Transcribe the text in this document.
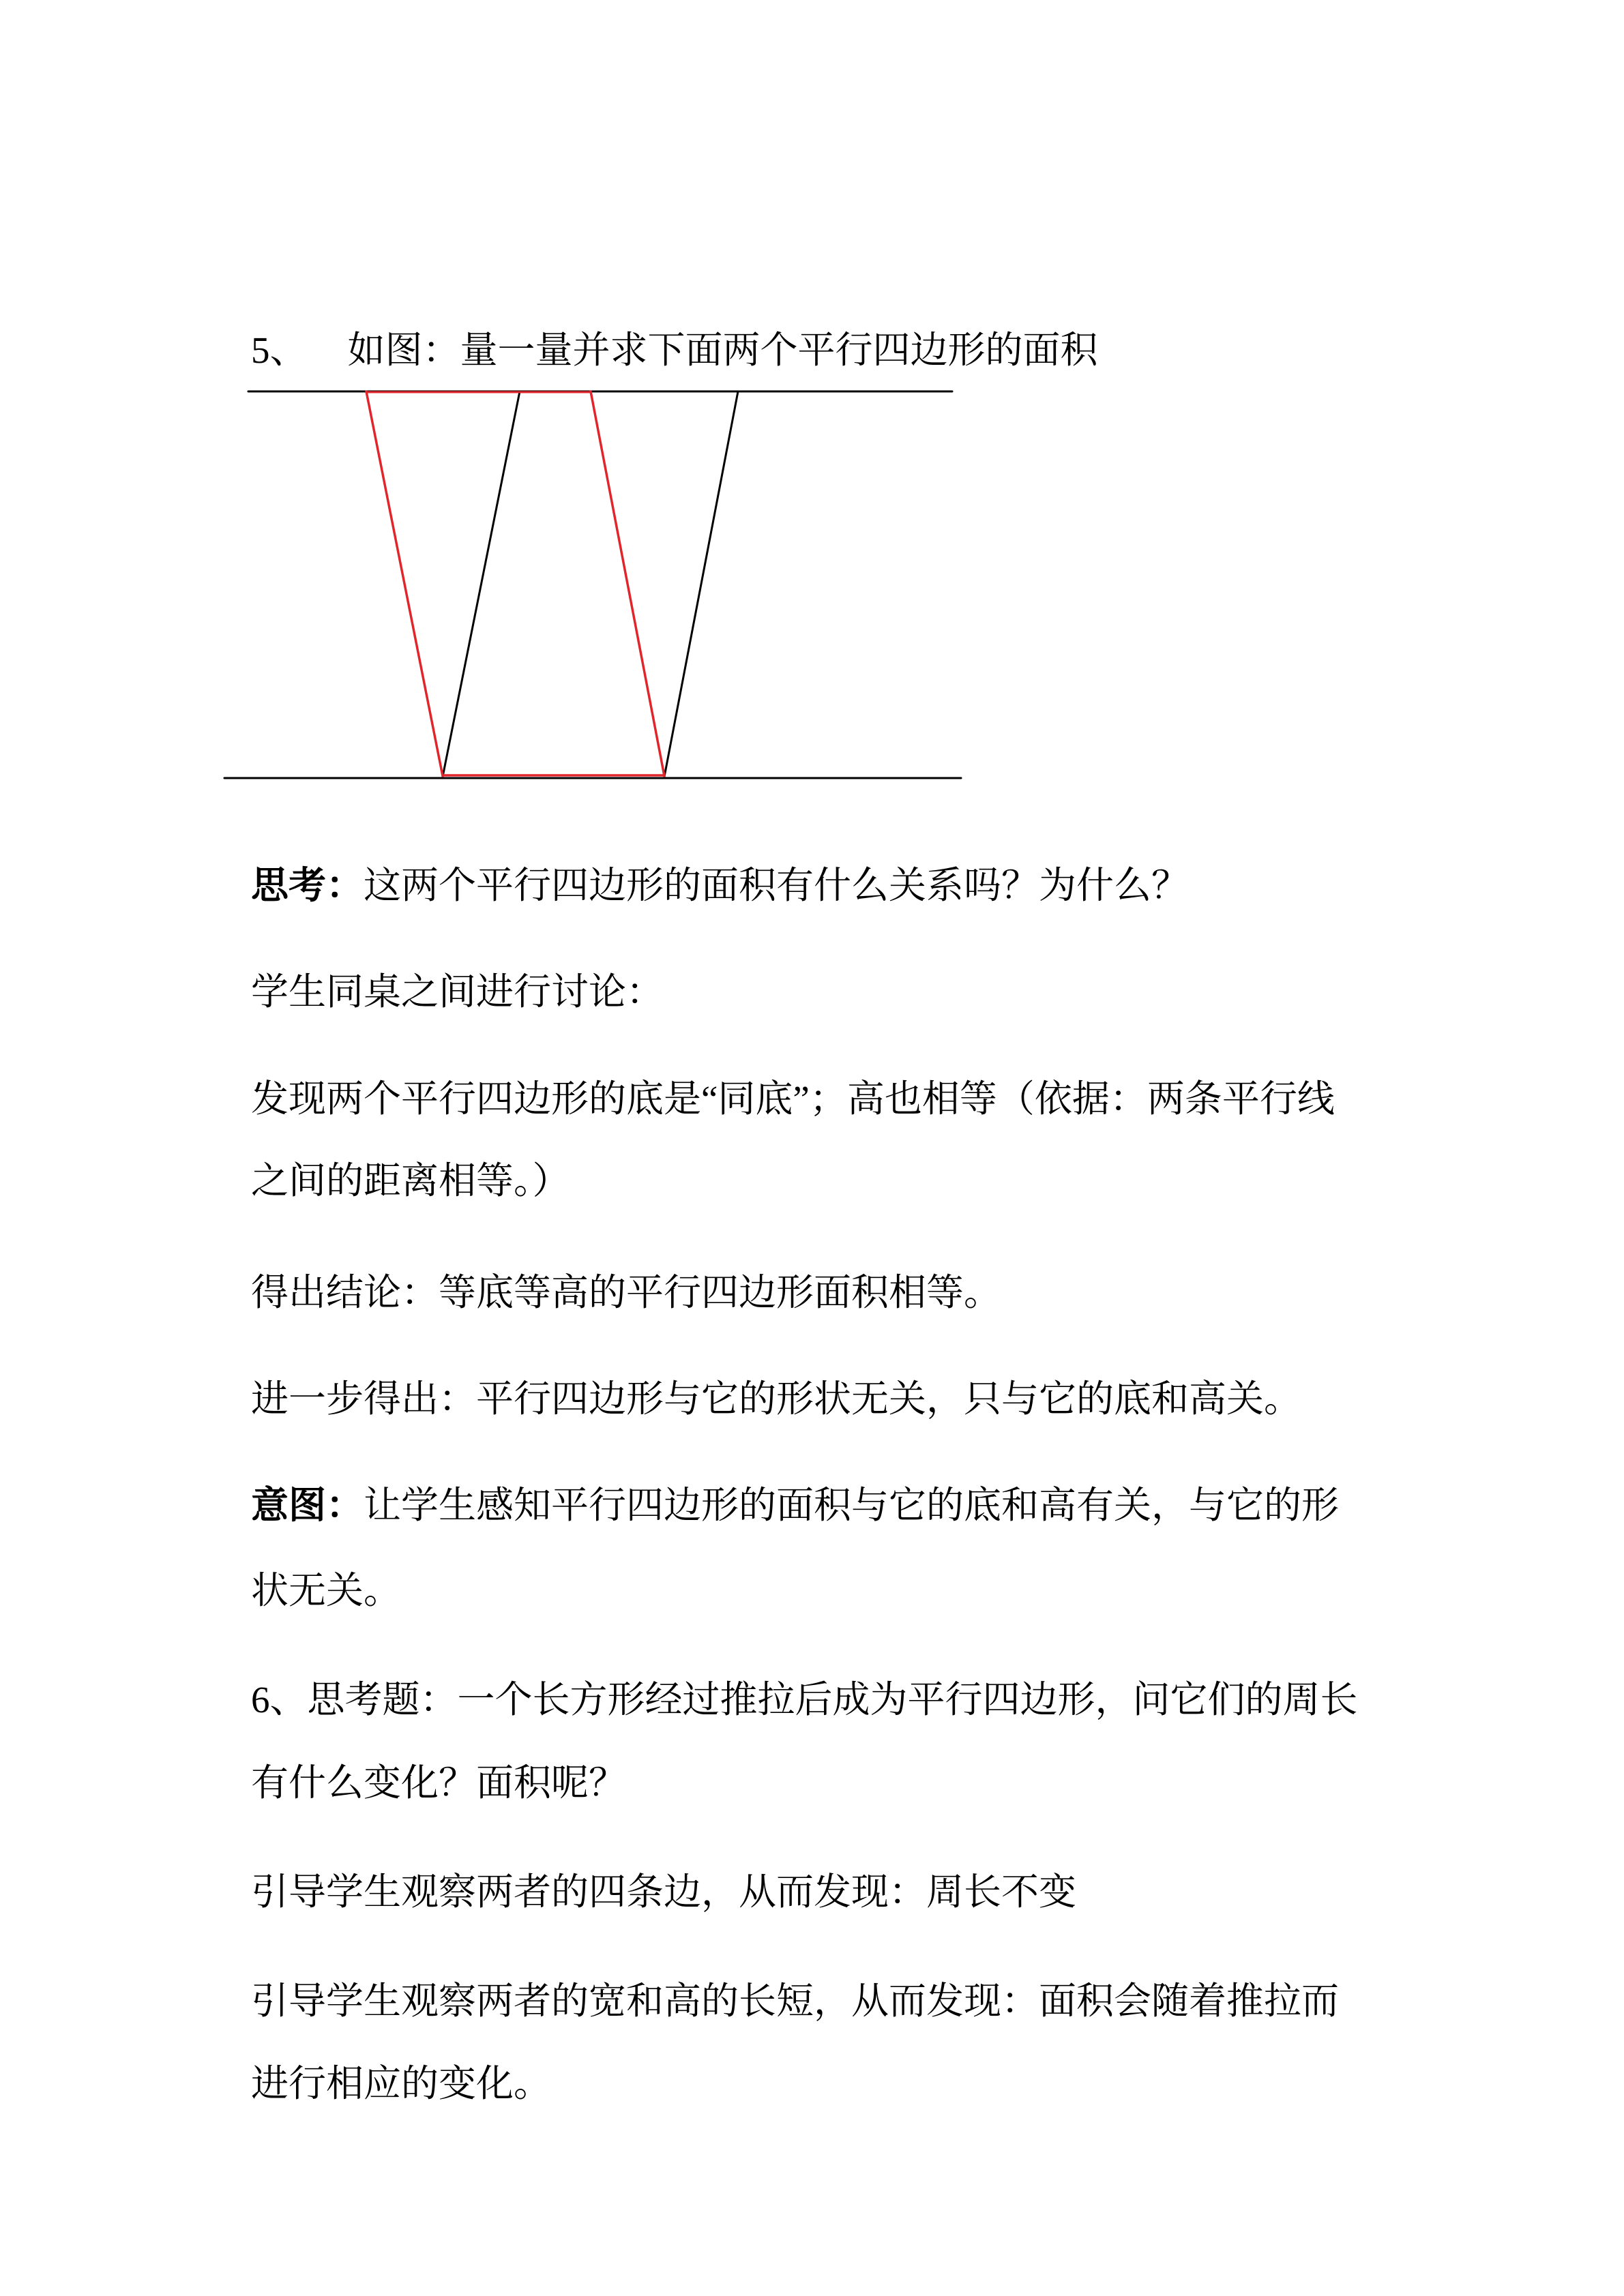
5、 如图：量一量并求下面两个平行四边形的面积
思考：这两个平行四边形的面积有什么关系吗？为什么？
学生同桌之间进行讨论：
发现两个平行四边形的底是“同底”；高也相等（依据：两条平行线
之间的距离相等。）
得出结论：等底等高的平行四边形面积相等。
进一步得出：平行四边形与它的形状无关，只与它的底和高关。
意图：让学生感知平行四边形的面积与它的底和高有关，与它的形
状无关。
6、思考题：一个长方形经过推拉后成为平行四边形，问它们的周长
有什么变化？面积呢？
引导学生观察两者的四条边，从而发现：周长不变
引导学生观察两者的宽和高的长短，从而发现：面积会随着推拉而
进行相应的变化。
